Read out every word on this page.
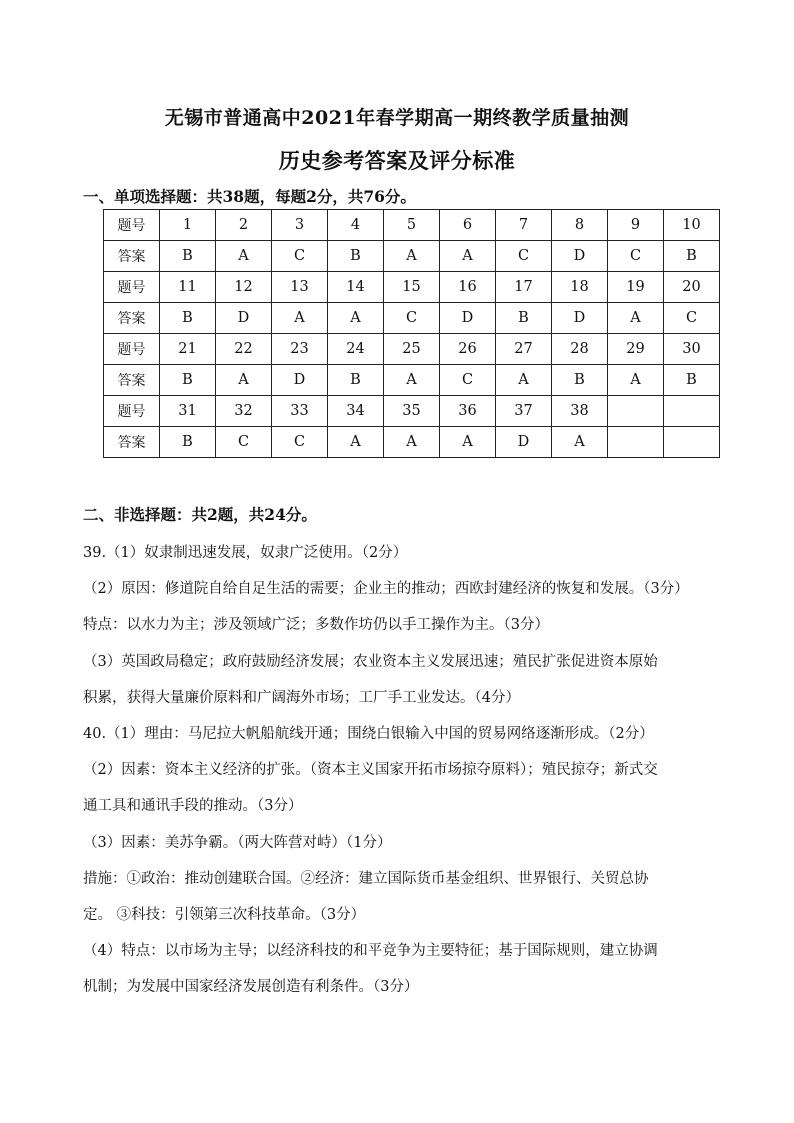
无锡市普通高中2021年春学期高一期终教学质量抽测
历史参考答案及评分标准
一、单项选择题：共38题，每题2分，共76分。
题号	1	2	3	4	5	6	7	8	9	10
答案	B	A	C	B	A	A	C	D	C	B
题号	11	12	13	14	15	16	17	18	19	20
答案	B	D	A	A	C	D	B	D	A	C
题号	21	22	23	24	25	26	27	28	29	30
答案	B	A	D	B	A	C	A	B	A	B
题号	31	32	33	34	35	36	37	38		
答案	B	C	C	A	A	A	D	A		
二、非选择题：共2题，共24分。

39.（1）奴隶制迅速发展，奴隶广泛使用。（2分）

（2）原因：修道院自给自足生活的需要；企业主的推动；西欧封建经济的恢复和发展。（3分）

特点：以水力为主；涉及领域广泛；多数作坊仍以手工操作为主。（3分）

（3）英国政局稳定；政府鼓励经济发展；农业资本主义发展迅速；殖民扩张促进资本原始

积累，获得大量廉价原料和广阔海外市场；工厂手工业发达。（4分）

40.（1）理由：马尼拉大帆船航线开通；围绕白银输入中国的贸易网络逐渐形成。（2分）

（2）因素：资本主义经济的扩张。（资本主义国家开拓市场掠夺原料）；殖民掠夺；新式交

通工具和通讯手段的推动。（3分）

（3）因素：美苏争霸。（两大阵营对峙）（1分）

措施：①政治：推动创建联合国。②经济：建立国际货币基金组织、世界银行、关贸总协

定。 ③科技：引领第三次科技革命。（3分）

（4）特点：以市场为主导；以经济科技的和平竞争为主要特征；基于国际规则，建立协调

机制；为发展中国家经济发展创造有利条件。（3分）
